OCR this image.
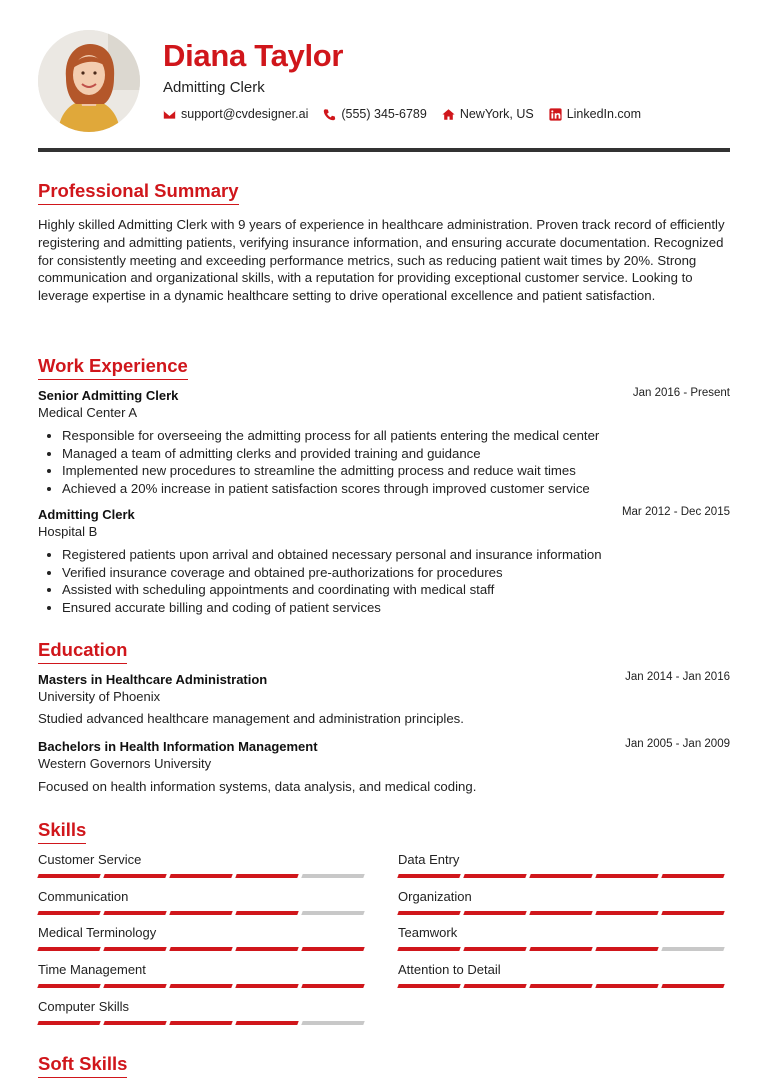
Diana Taylor
Admitting Clerk
support@cvdesigner.ai	(555) 345-6789	NewYork, US	LinkedIn.com
Professional Summary
Highly skilled Admitting Clerk with 9 years of experience in healthcare administration. Proven track record of efficiently registering and admitting patients, verifying insurance information, and ensuring accurate documentation. Recognized for consistently meeting and exceeding performance metrics, such as reducing patient wait times by 20%. Strong communication and organizational skills, with a reputation for providing exceptional customer service. Looking to leverage expertise in a dynamic healthcare setting to drive operational excellence and patient satisfaction.
Work Experience
Senior Admitting Clerk	Jan 2016 - Present
Medical Center A
• Responsible for overseeing the admitting process for all patients entering the medical center
• Managed a team of admitting clerks and provided training and guidance
• Implemented new procedures to streamline the admitting process and reduce wait times
• Achieved a 20% increase in patient satisfaction scores through improved customer service
Admitting Clerk	Mar 2012 - Dec 2015
Hospital B
• Registered patients upon arrival and obtained necessary personal and insurance information
• Verified insurance coverage and obtained pre-authorizations for procedures
• Assisted with scheduling appointments and coordinating with medical staff
• Ensured accurate billing and coding of patient services
Education
Masters in Healthcare Administration	Jan 2014 - Jan 2016
University of Phoenix
Studied advanced healthcare management and administration principles.
Bachelors in Health Information Management	Jan 2005 - Jan 2009
Western Governors University
Focused on health information systems, data analysis, and medical coding.
Skills
Customer Service	Data Entry
Communication	Organization
Medical Terminology	Teamwork
Time Management	Attention to Detail
Computer Skills
Soft Skills
